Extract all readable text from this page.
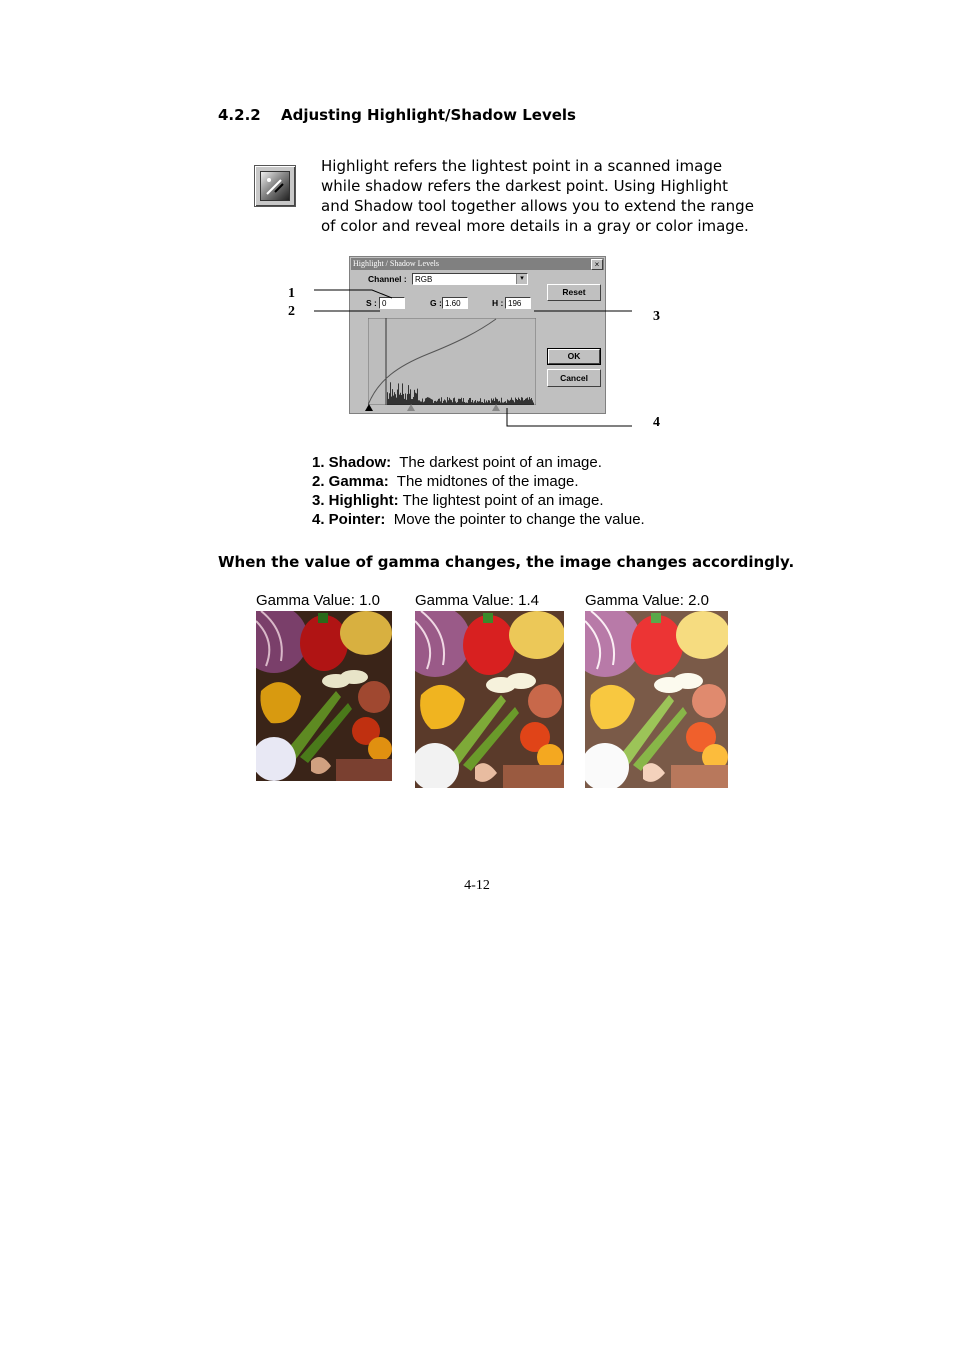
4.2.2 Adjusting Highlight/Shadow Levels

Highlight refers the lightest point in a scanned image

while shadow refers the darkest point. Using Highlight

and Shadow tool together allows you to extend the range

of color and reveal more details in a gray or color image.

Highlight / Shadow Levels	×
Channel :	RGB	▾
Reset
S : 0	G : 1.60	H : 196
OK
Cancel
1
2	3
4
1. Shadow: The darkest point of an image.
2. Gamma: The midtones of the image.
3. Highlight: The lightest point of an image.
4. Pointer: Move the pointer to change the value.
When the value of gamma changes, the image changes accordingly.
Gamma Value: 1.0 Gamma Value: 1.4	Gamma Value: 2.0
4-12
